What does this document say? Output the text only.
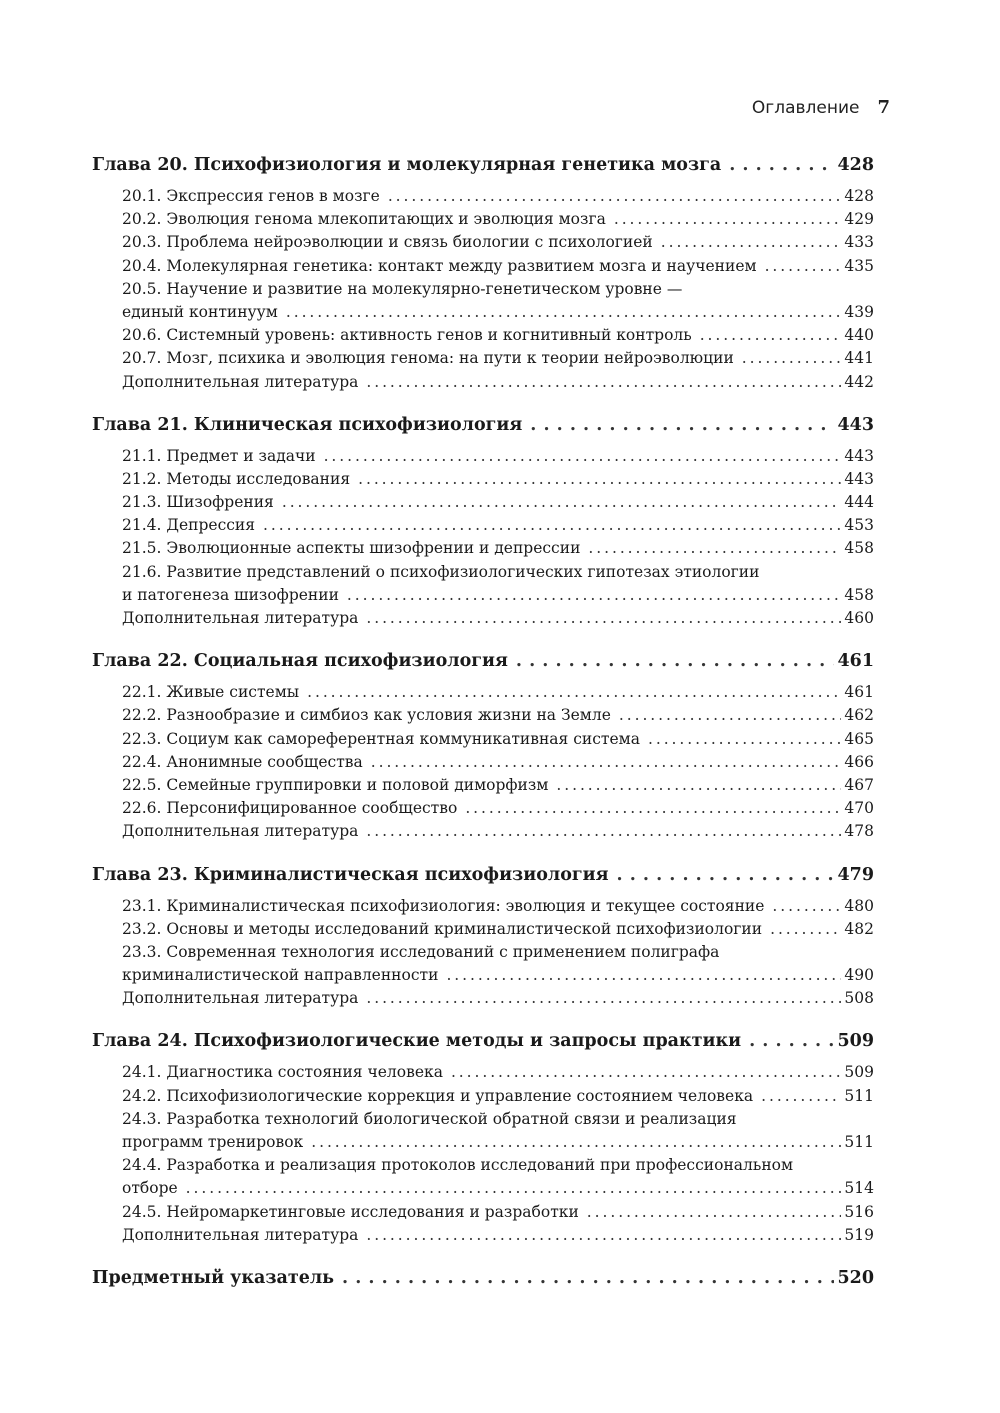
Оглавление 7
Глава 20. Психофизиология и молекулярная генетика мозга . . .	428
20.1. Экспрессия генов в мозге . . .	428
20.2. Эволюция генома млекопитающих и эволюция мозга . . .	429
20.3. Проблема нейроэволюции и связь биологии с психологией . . .	433
20.4. Молекулярная генетика: контакт между развитием мозга и научением . . .	435
20.5. Научение и развитие на молекулярно-генетическом уровне —
единый континуум . . .	439
20.6. Системный уровень: активность генов и когнитивный контроль . . .	440
20.7. Мозг, психика и эволюция генома: на пути к теории нейроэволюции . . .	441
Дополнительная литература . . .	442
Глава 21. Клиническая психофизиология . . .	443
21.1. Предмет и задачи . . .	443
21.2. Методы исследования . . .	443
21.3. Шизофрения . . .	444
21.4. Депрессия . . .	453
21.5. Эволюционные аспекты шизофрении и депрессии . . .	458
21.6. Развитие представлений о психофизиологических гипотезах этиологии
и патогенеза шизофрении . . .	458
Дополнительная литература . . .	460
Глава 22. Социальная психофизиология . . .	461
22.1. Живые системы . . .	461
22.2. Разнообразие и симбиоз как условия жизни на Земле . . .	462
22.3. Социум как самореферентная коммуникативная система . . .	465
22.4. Анонимные сообщества . . .	466
22.5. Семейные группировки и половой диморфизм . . .	467
22.6. Персонифицированное сообщество . . .	470
Дополнительная литература . . .	478
Глава 23. Криминалистическая психофизиология . . .	479
23.1. Криминалистическая психофизиология: эволюция и текущее состояние . . .	480
23.2. Основы и методы исследований криминалистической психофизиологии . . .	482
23.3. Современная технология исследований с применением полиграфа
криминалистической направленности . . .	490
Дополнительная литература . . .	508
Глава 24. Психофизиологические методы и запросы практики . . .	509
24.1. Диагностика состояния человека . . .	509
24.2. Психофизиологические коррекция и управление состоянием человека . . .	511
24.3. Разработка технологий биологической обратной связи и реализация
программ тренировок . . .	511
24.4. Разработка и реализация протоколов исследований при профессиональном
отборе . . .	514
24.5. Нейромаркетинговые исследования и разработки . . .	516
Дополнительная литература . . .	519
Предметный указатель . . .	520
